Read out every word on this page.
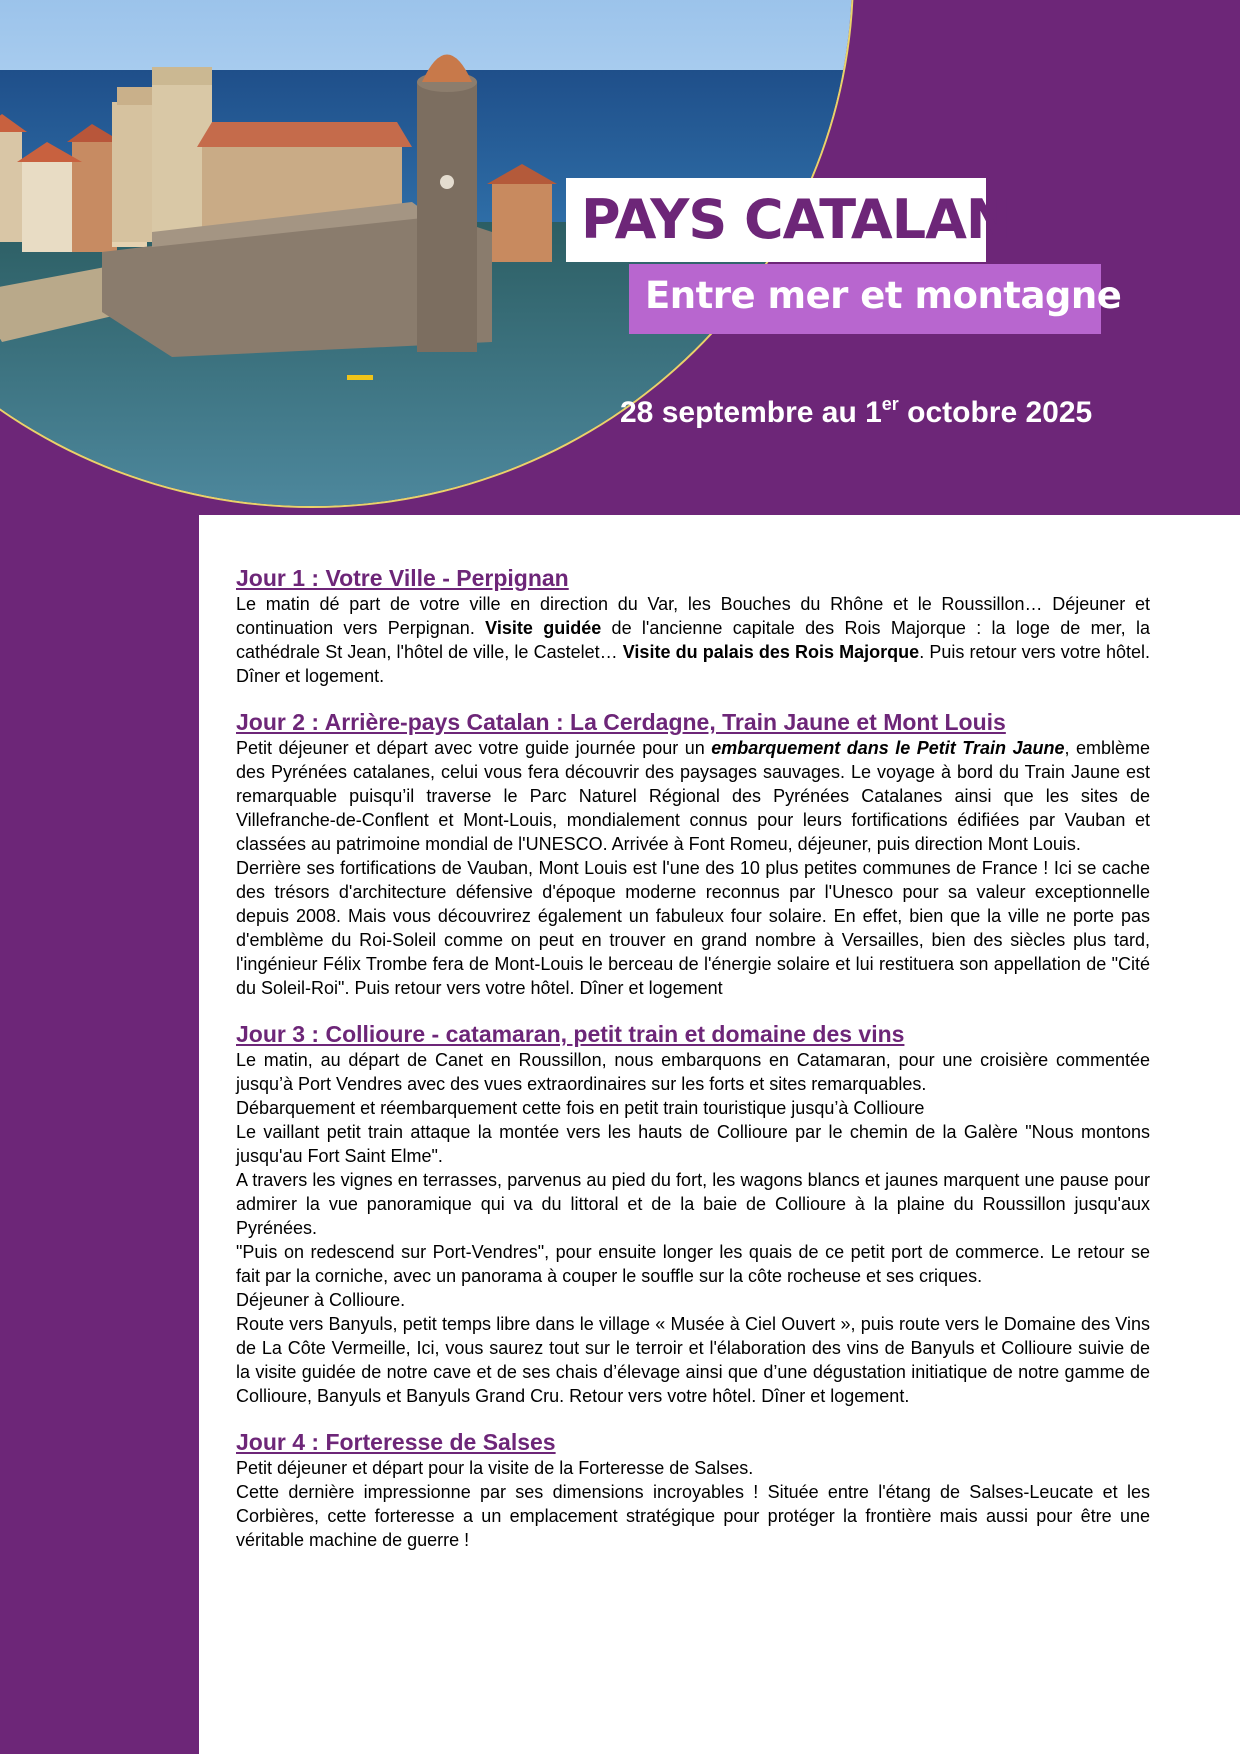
PAYS CATALAN
Entre mer et montagne
28 septembre au 1er octobre 2025
Jour 1 : Votre Ville - Perpignan

Le matin dé part de votre ville en direction du Var, les Bouches du Rhône et le Roussillon… Déjeuner et continuation vers Perpignan. Visite guidée de l'ancienne capitale des Rois Majorque : la loge de mer, la cathédrale St Jean, l'hôtel de ville, le Castelet… Visite du palais des Rois Majorque. Puis retour vers votre hôtel. Dîner et logement.

Jour 2 : Arrière-pays Catalan : La Cerdagne, Train Jaune et Mont Louis

Petit déjeuner et départ avec votre guide journée pour un embarquement dans le Petit Train Jaune, emblème des Pyrénées catalanes, celui vous fera découvrir des paysages sauvages. Le voyage à bord du Train Jaune est remarquable puisqu’il traverse le Parc Naturel Régional des Pyrénées Catalanes ainsi que les sites de Villefranche-de-Conflent et Mont-Louis, mondialement connus pour leurs fortifications édifiées par Vauban et classées au patrimoine mondial de l'UNESCO. Arrivée à Font Romeu, déjeuner, puis direction Mont Louis.

Derrière ses fortifications de Vauban, Mont Louis est l'une des 10 plus petites communes de France ! Ici se cache des trésors d'architecture défensive d'époque moderne reconnus par l'Unesco pour sa valeur exceptionnelle depuis 2008. Mais vous découvrirez également un fabuleux four solaire. En effet, bien que la ville ne porte pas d'emblème du Roi-Soleil comme on peut en trouver en grand nombre à Versailles, bien des siècles plus tard, l'ingénieur Félix Trombe fera de Mont-Louis le berceau de l'énergie solaire et lui restituera son appellation de "Cité du Soleil-Roi". Puis retour vers votre hôtel. Dîner et logement

Jour 3 : Collioure - catamaran, petit train et domaine des vins

Le matin, au départ de Canet en Roussillon, nous embarquons en Catamaran, pour une croisière commentée jusqu’à Port Vendres avec des vues extraordinaires sur les forts et sites remarquables.

Débarquement et réembarquement cette fois en petit train touristique jusqu’à Collioure

Le vaillant petit train attaque la montée vers les hauts de Collioure par le chemin de la Galère "Nous montons jusqu'au Fort Saint Elme".

A travers les vignes en terrasses, parvenus au pied du fort, les wagons blancs et jaunes marquent une pause pour admirer la vue panoramique qui va du littoral et de la baie de Collioure à la plaine du Roussillon jusqu'aux Pyrénées.

"Puis on redescend sur Port-Vendres", pour ensuite longer les quais de ce petit port de commerce. Le retour se fait par la corniche, avec un panorama à couper le souffle sur la côte rocheuse et ses criques.

Déjeuner à Collioure.

Route vers Banyuls, petit temps libre dans le village « Musée à Ciel Ouvert », puis route vers le Domaine des Vins de La Côte Vermeille, Ici, vous saurez tout sur le terroir et l'élaboration des vins de Banyuls et Collioure suivie de la visite guidée de notre cave et de ses chais d’élevage ainsi que d’une dégustation initiatique de notre gamme de Collioure, Banyuls et Banyuls Grand Cru. Retour vers votre hôtel. Dîner et logement.

Jour 4 : Forteresse de Salses

Petit déjeuner et départ pour la visite de la Forteresse de Salses.

Cette dernière impressionne par ses dimensions incroyables ! Située entre l'étang de Salses-Leucate et les Corbières, cette forteresse a un emplacement stratégique pour protéger la frontière mais aussi pour être une véritable machine de guerre !
